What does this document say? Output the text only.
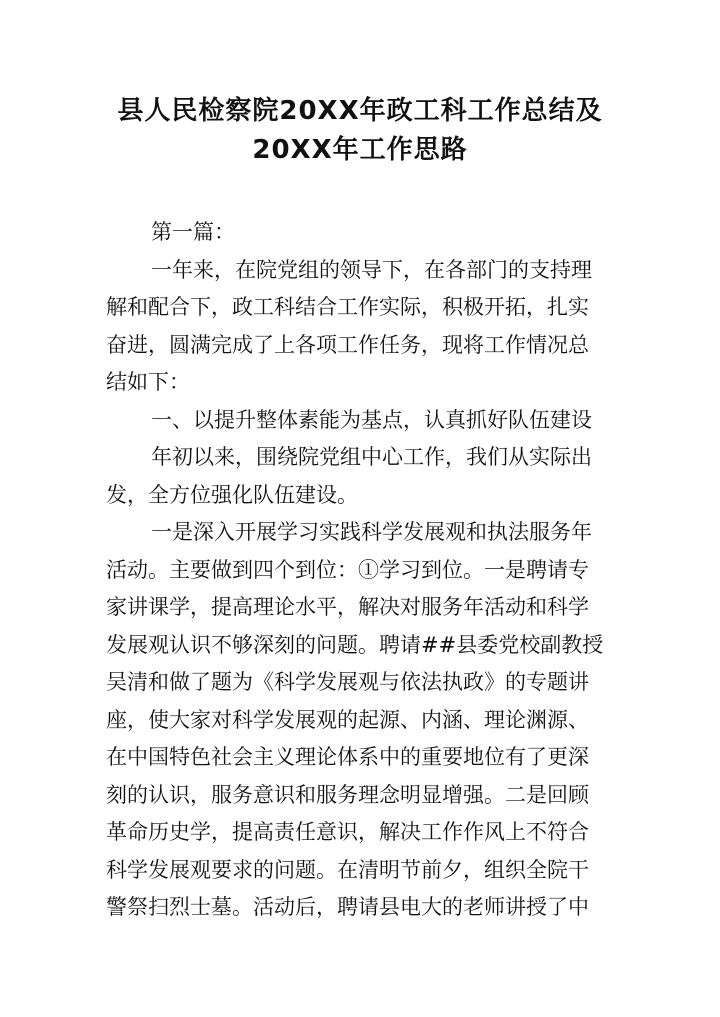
县人民检察院20XX年政工科工作总结及
20XX年工作思路
第一篇：
一年来，在院党组的领导下，在各部门的支持理
解和配合下，政工科结合工作实际，积极开拓，扎实
奋进，圆满完成了上各项工作任务，现将工作情况总
结如下：
一、以提升整体素能为基点，认真抓好队伍建设
年初以来，围绕院党组中心工作，我们从实际出
发，全方位强化队伍建设。
一是深入开展学习实践科学发展观和执法服务年
活动。主要做到四个到位：①学习到位。一是聘请专
家讲课学，提高理论水平，解决对服务年活动和科学
发展观认识不够深刻的问题。聘请##县委党校副教授
吴清和做了题为《科学发展观与依法执政》的专题讲
座，使大家对科学发展观的起源、内涵、理论渊源、
在中国特色社会主义理论体系中的重要地位有了更深
刻的认识，服务意识和服务理念明显增强。二是回顾
革命历史学，提高责任意识，解决工作作风上不符合
科学发展观要求的问题。在清明节前夕，组织全院干
警祭扫烈士墓。活动后，聘请县电大的老师讲授了中
